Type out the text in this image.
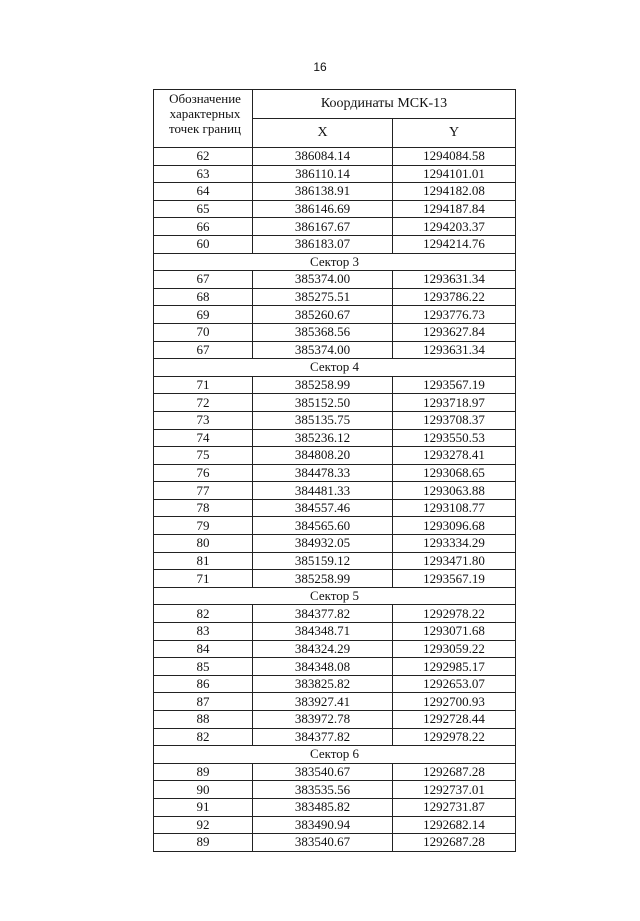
16
Обозначение характерных точек границ	Координаты МСК-13	
	X	Y
62	386084.14	1294084.58
63	386110.14	1294101.01
64	386138.91	1294182.08
65	386146.69	1294187.84
66	386167.67	1294203.37
60	386183.07	1294214.76
Сектор 3		
67	385374.00	1293631.34
68	385275.51	1293786.22
69	385260.67	1293776.73
70	385368.56	1293627.84
67	385374.00	1293631.34
Сектор 4		
71	385258.99	1293567.19
72	385152.50	1293718.97
73	385135.75	1293708.37
74	385236.12	1293550.53
75	384808.20	1293278.41
76	384478.33	1293068.65
77	384481.33	1293063.88
78	384557.46	1293108.77
79	384565.60	1293096.68
80	384932.05	1293334.29
81	385159.12	1293471.80
71	385258.99	1293567.19
Сектор 5		
82	384377.82	1292978.22
83	384348.71	1293071.68
84	384324.29	1293059.22
85	384348.08	1292985.17
86	383825.82	1292653.07
87	383927.41	1292700.93
88	383972.78	1292728.44
82	384377.82	1292978.22
Сектор 6		
89	383540.67	1292687.28
90	383535.56	1292737.01
91	383485.82	1292731.87
92	383490.94	1292682.14
89	383540.67	1292687.28
